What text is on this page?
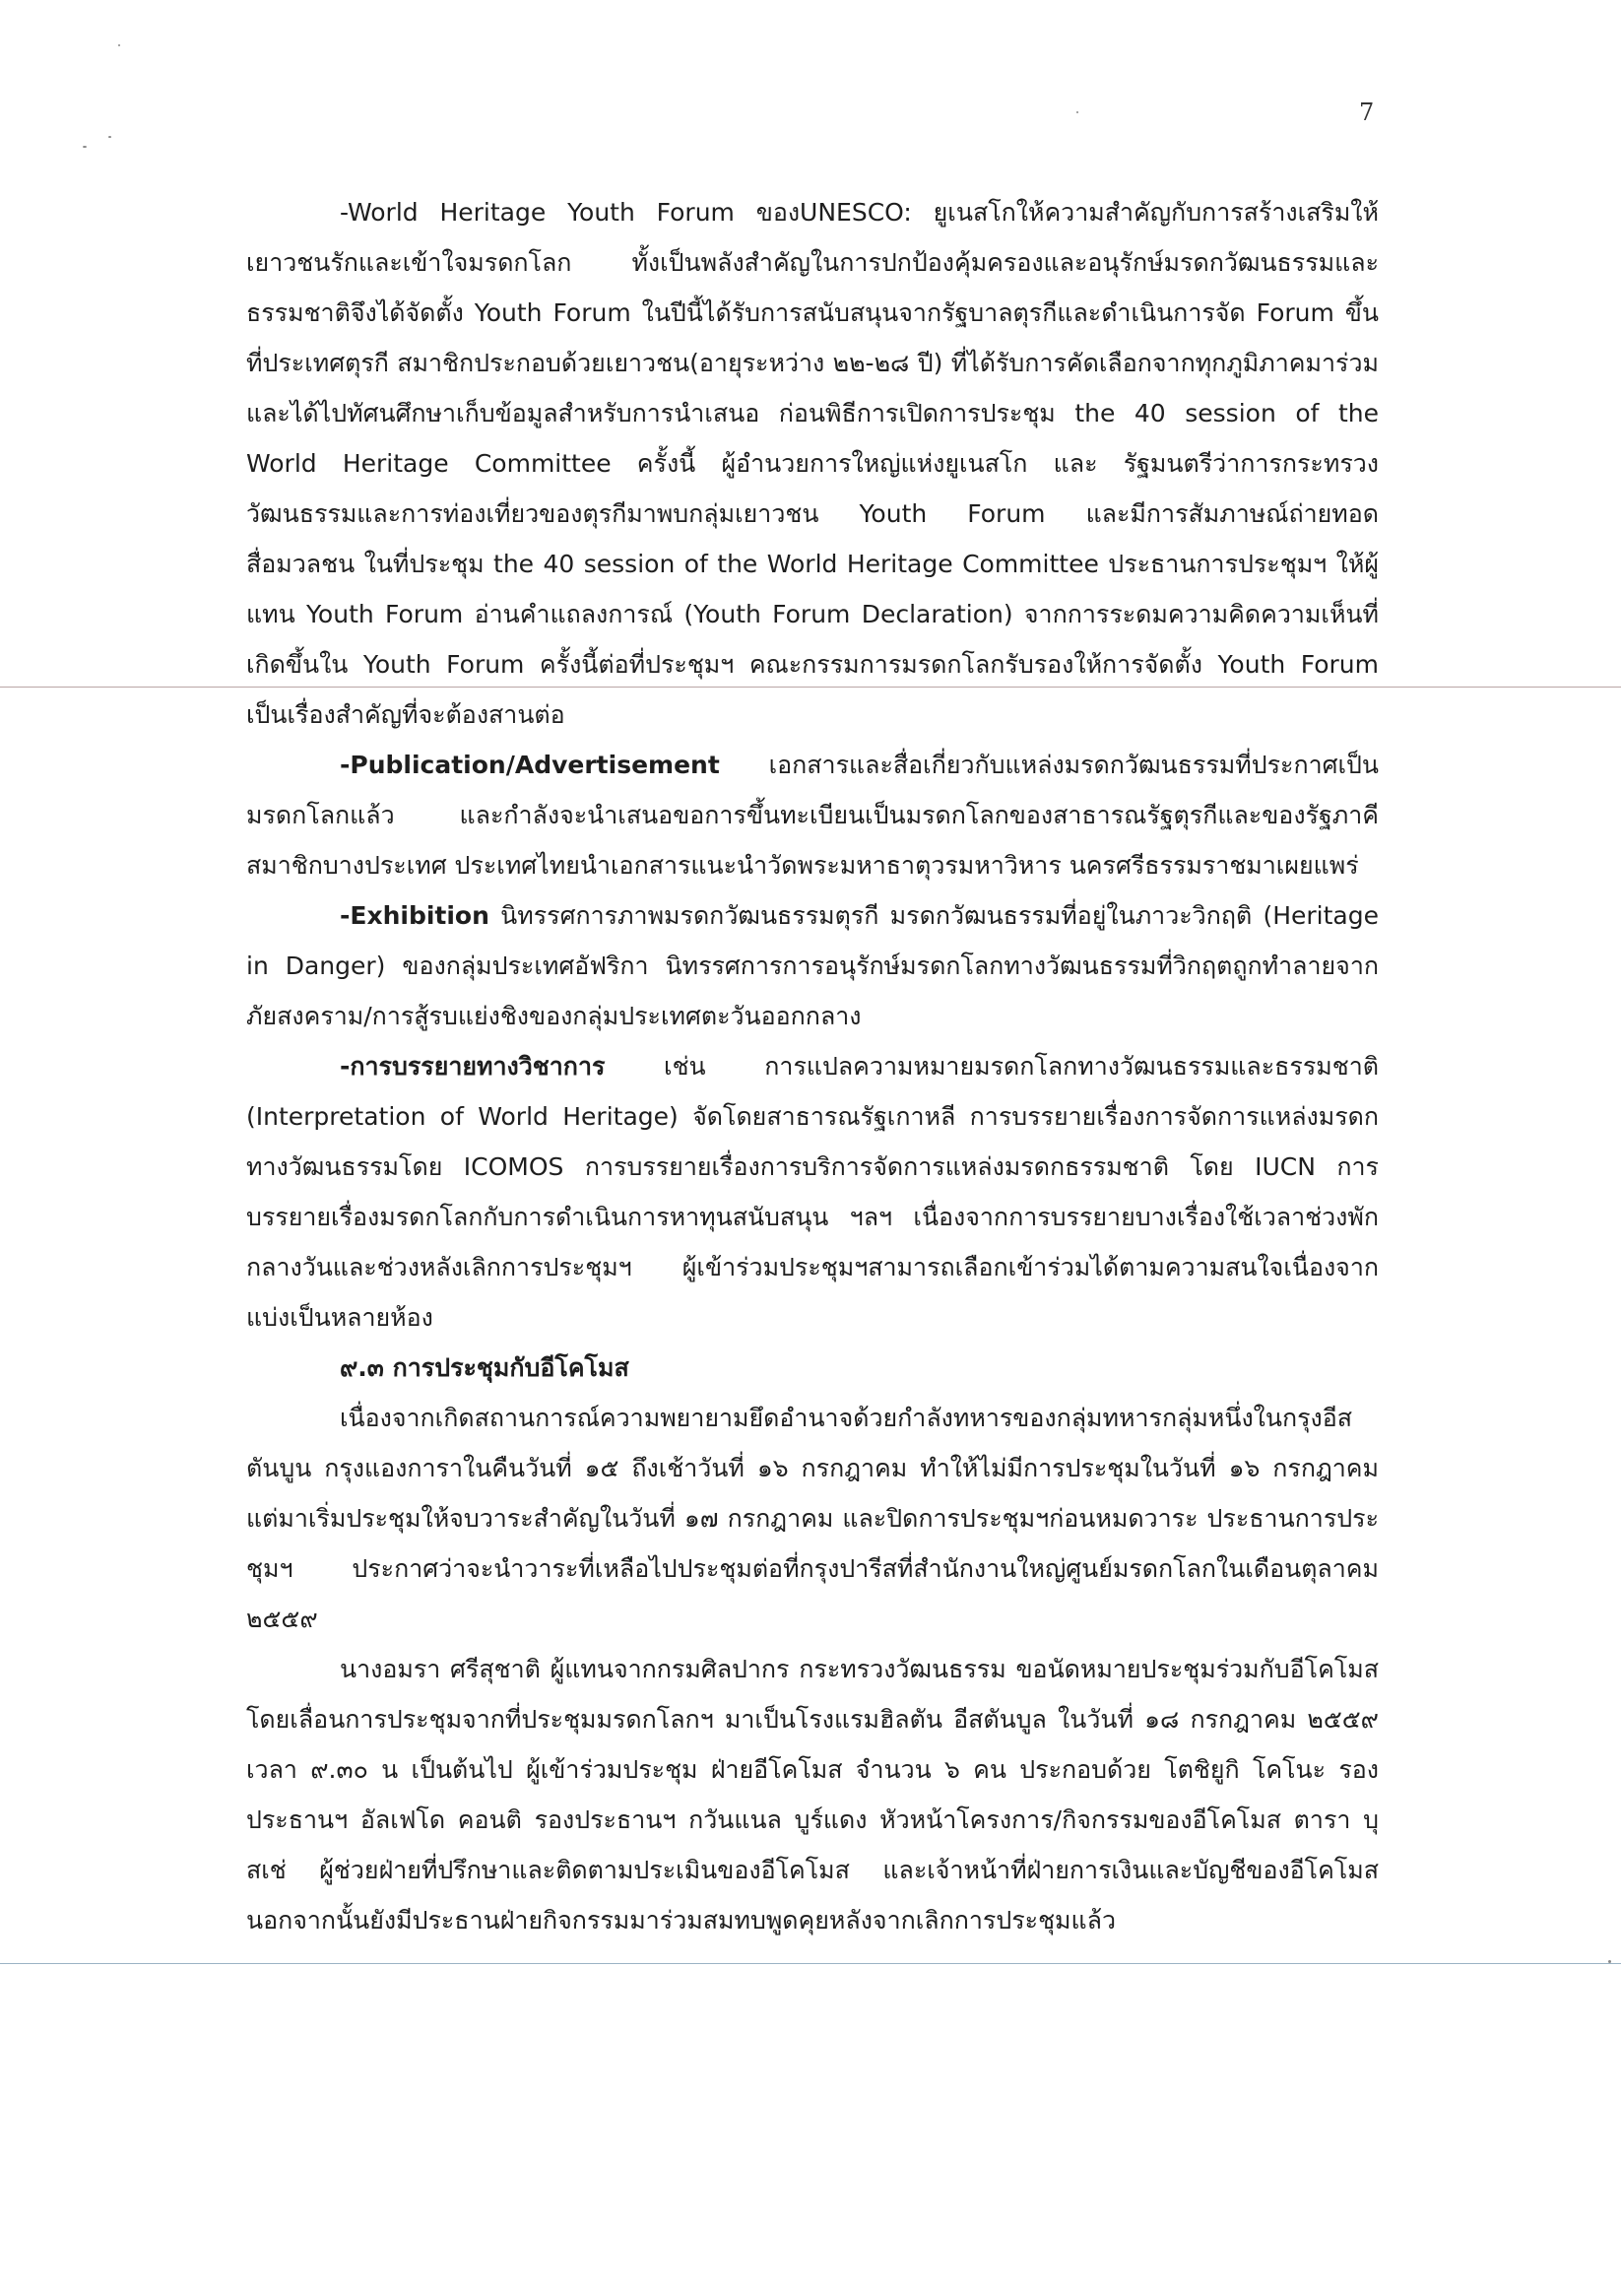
7

-World Heritage Youth Forum ของUNESCO: ยูเนสโกให้ความสำคัญกับการสร้างเสริมให้เยาวชนรักและเข้าใจมรดกโลก ทั้งเป็นพลังสำคัญในการปกป้องคุ้มครองและอนุรักษ์มรดกวัฒนธรรมและธรรมชาติจึงได้จัดตั้ง Youth Forum ในปีนี้ได้รับการสนับสนุนจากรัฐบาลตุรกีและดำเนินการจัด Forum ขึ้นที่ประเทศตุรกี สมาชิกประกอบด้วยเยาวชน(อายุระหว่าง ๒๒-๒๘ ปี) ที่ได้รับการคัดเลือกจากทุกภูมิภาคมาร่วมและได้ไปทัศนศึกษาเก็บข้อมูลสำหรับการนำเสนอ ก่อนพิธีการเปิดการประชุม the 40 session of the World Heritage Committee ครั้งนี้ ผู้อำนวยการใหญ่แห่งยูเนสโก และ รัฐมนตรีว่าการกระทรวงวัฒนธรรมและการท่องเที่ยวของตุรกีมาพบกลุ่มเยาวชน Youth Forum และมีการสัมภาษณ์ถ่ายทอดสื่อมวลชน ในที่ประชุม the 40 session of the World Heritage Committee ประธานการประชุมฯ ให้ผู้แทน Youth Forum อ่านคำแถลงการณ์ (Youth Forum Declaration) จากการระดมความคิดความเห็นที่เกิดขึ้นใน Youth Forum ครั้งนี้ต่อที่ประชุมฯ คณะกรรมการมรดกโลกรับรองให้การจัดตั้ง Youth Forum เป็นเรื่องสำคัญที่จะต้องสานต่อ

-Publication/Advertisement เอกสารและสื่อเกี่ยวกับแหล่งมรดกวัฒนธรรมที่ประกาศเป็นมรดกโลกแล้ว และกำลังจะนำเสนอขอการขึ้นทะเบียนเป็นมรดกโลกของสาธารณรัฐตุรกีและของรัฐภาคีสมาชิกบางประเทศ ประเทศไทยนำเอกสารแนะนำวัดพระมหาธาตุวรมหาวิหาร นครศรีธรรมราชมาเผยแพร่

-Exhibition นิทรรศการภาพมรดกวัฒนธรรมตุรกี มรดกวัฒนธรรมที่อยู่ในภาวะวิกฤติ (Heritage in Danger) ของกลุ่มประเทศอัฟริกา นิทรรศการการอนุรักษ์มรดกโลกทางวัฒนธรรมที่วิกฤตถูกทำลายจากภัยสงคราม/การสู้รบแย่งชิงของกลุ่มประเทศตะวันออกกลาง

-การบรรยายทางวิชาการ เช่น การแปลความหมายมรดกโลกทางวัฒนธรรมและธรรมชาติ (Interpretation of World Heritage) จัดโดยสาธารณรัฐเกาหลี การบรรยายเรื่องการจัดการแหล่งมรดกทางวัฒนธรรมโดย ICOMOS การบรรยายเรื่องการบริการจัดการแหล่งมรดกธรรมชาติ โดย IUCN การบรรยายเรื่องมรดกโลกกับการดำเนินการหาทุนสนับสนุน ฯลฯ เนื่องจากการบรรยายบางเรื่องใช้เวลาช่วงพักกลางวันและช่วงหลังเลิกการประชุมฯ ผู้เข้าร่วมประชุมฯสามารถเลือกเข้าร่วมได้ตามความสนใจเนื่องจากแบ่งเป็นหลายห้อง

๙.๓ การประชุมกับอีโคโมส

เนื่องจากเกิดสถานการณ์ความพยายามยึดอำนาจด้วยกำลังทหารของกลุ่มทหารกลุ่มหนึ่งในกรุงอีสตันบูน กรุงแองการาในคืนวันที่ ๑๕ ถึงเช้าวันที่ ๑๖ กรกฎาคม ทำให้ไม่มีการประชุมในวันที่ ๑๖ กรกฎาคม แต่มาเริ่มประชุมให้จบวาระสำคัญในวันที่ ๑๗ กรกฎาคม และปิดการประชุมฯก่อนหมดวาระ ประธานการประชุมฯ ประกาศว่าจะนำวาระที่เหลือไปประชุมต่อที่กรุงปารีสที่สำนักงานใหญ่ศูนย์มรดกโลกในเดือนตุลาคม ๒๕๕๙

นางอมรา ศรีสุชาติ ผู้แทนจากกรมศิลปากร กระทรวงวัฒนธรรม ขอนัดหมายประชุมร่วมกับอีโคโมส โดยเลื่อนการประชุมจากที่ประชุมมรดกโลกฯ มาเป็นโรงแรมฮิลตัน อีสตันบูล ในวันที่ ๑๘ กรกฎาคม ๒๕๕๙ เวลา ๙.๓๐ น เป็นต้นไป ผู้เข้าร่วมประชุม ฝ่ายอีโคโมส จำนวน ๖ คน ประกอบด้วย โตชิยูกิ โคโนะ รองประธานฯ อัลเฟโด คอนติ รองประธานฯ กวันแนล บูร์แดง หัวหน้าโครงการ/กิจกรรมของอีโคโมส ตารา บุสเช่ ผู้ช่วยฝ่ายที่ปรึกษาและติดตามประเมินของอีโคโมส และเจ้าหน้าที่ฝ่ายการเงินและบัญชีของอีโคโมส นอกจากนั้นยังมีประธานฝ่ายกิจกรรมมาร่วมสมทบพูดคุยหลังจากเลิกการประชุมแล้ว
